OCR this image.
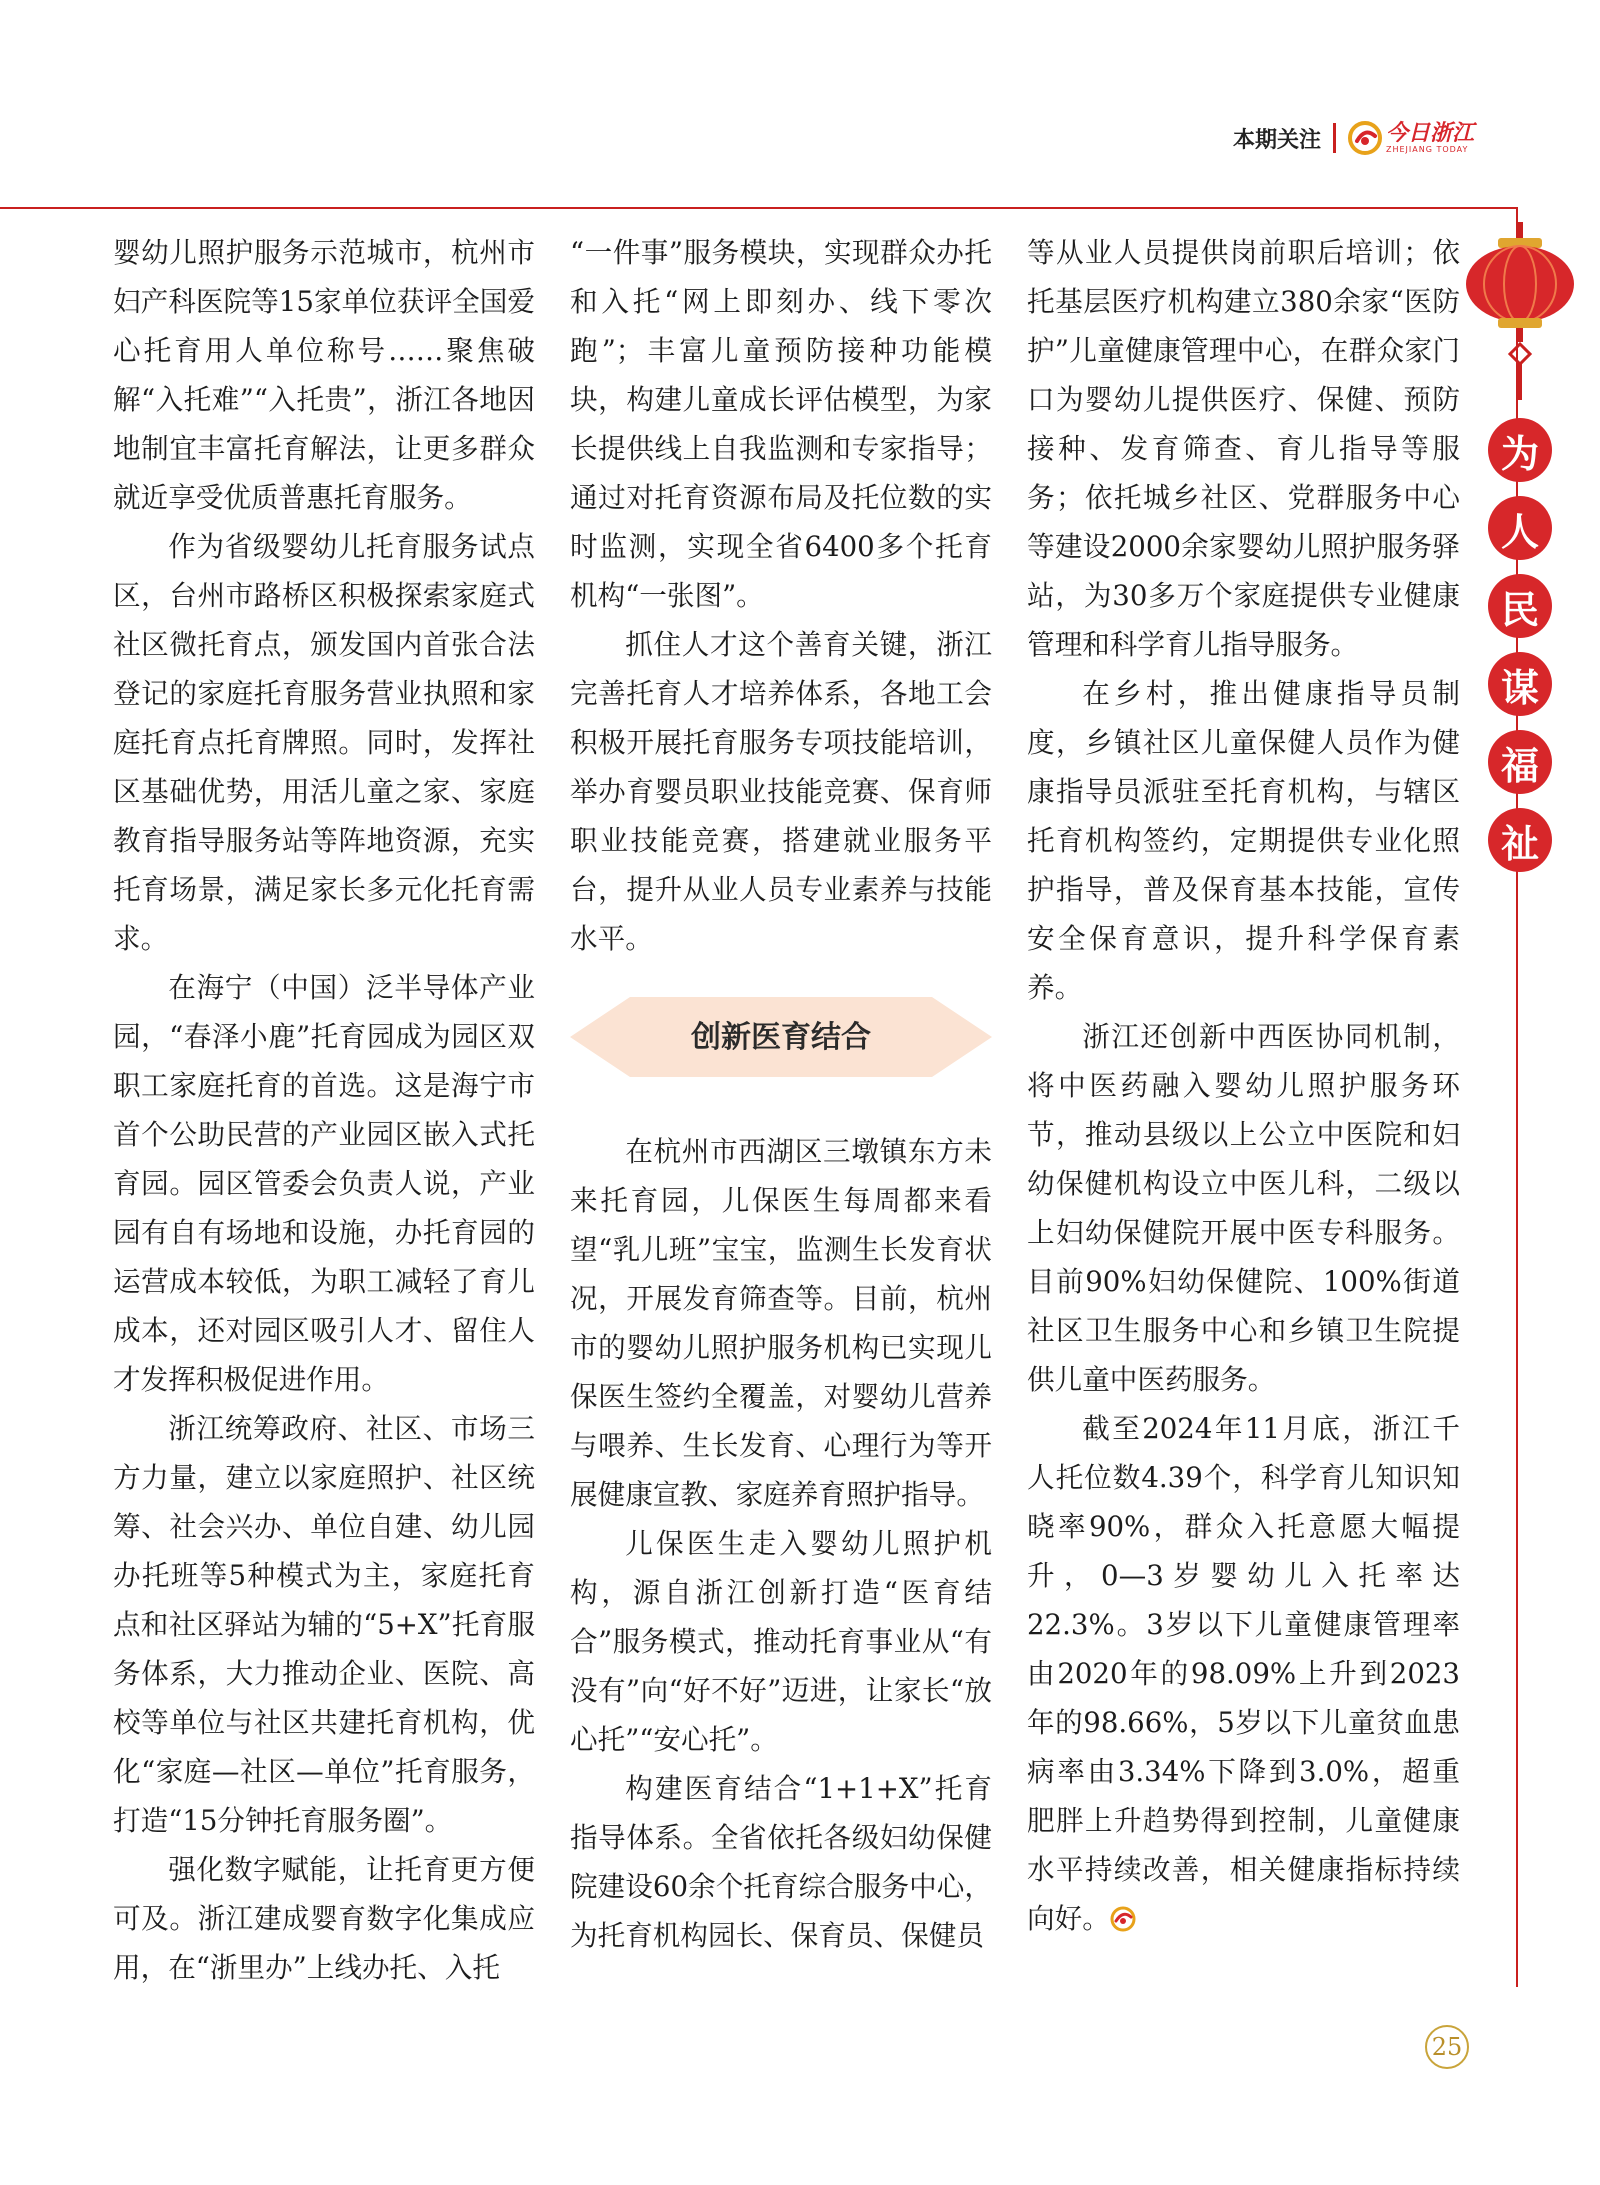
本期关注	今日浙江
ZHEJIANG TODAY
为
人
民
谋
福
祉

婴幼儿照护服务示范城市，杭州市妇产科医院等15家单位获评全国爱心托育用人单位称号……聚焦破解“入托难”“入托贵”，浙江各地因地制宜丰富托育解法，让更多群众就近享受优质普惠托育服务。

作为省级婴幼儿托育服务试点区，台州市路桥区积极探索家庭式社区微托育点，颁发国内首张合法登记的家庭托育服务营业执照和家庭托育点托育牌照。同时，发挥社区基础优势，用活儿童之家、家庭教育指导服务站等阵地资源，充实托育场景，满足家长多元化托育需求。

在海宁（中国）泛半导体产业园，“春泽小鹿”托育园成为园区双职工家庭托育的首选。这是海宁市首个公助民营的产业园区嵌入式托育园。园区管委会负责人说，产业园有自有场地和设施，办托育园的运营成本较低，为职工减轻了育儿成本，还对园区吸引人才、留住人才发挥积极促进作用。

浙江统筹政府、社区、市场三方力量，建立以家庭照护、社区统筹、社会兴办、单位自建、幼儿园办托班等5种模式为主，家庭托育点和社区驿站为辅的“5+X”托育服务体系，大力推动企业、医院、高校等单位与社区共建托育机构，优化“家庭—社区—单位”托育服务，打造“15分钟托育服务圈”。

强化数字赋能，让托育更方便可及。浙江建成婴育数字化集成应用，在“浙里办”上线办托、入托

“一件事”服务模块，实现群众办托和入托“网上即刻办、线下零次跑”；丰富儿童预防接种功能模块，构建儿童成长评估模型，为家长提供线上自我监测和专家指导；通过对托育资源布局及托位数的实时监测，实现全省6400多个托育机构“一张图”。

抓住人才这个善育关键，浙江完善托育人才培养体系，各地工会积极开展托育服务专项技能培训，举办育婴员职业技能竞赛、保育师职业技能竞赛，搭建就业服务平台，提升从业人员专业素养与技能水平。

创新医育结合

在杭州市西湖区三墩镇东方未来托育园，儿保医生每周都来看望“乳儿班”宝宝，监测生长发育状况，开展发育筛查等。目前，杭州市的婴幼儿照护服务机构已实现儿保医生签约全覆盖，对婴幼儿营养与喂养、生长发育、心理行为等开展健康宣教、家庭养育照护指导。

儿保医生走入婴幼儿照护机构，源自浙江创新打造“医育结合”服务模式，推动托育事业从“有没有”向“好不好”迈进，让家长“放心托”“安心托”。

构建医育结合“1+1+X”托育指导体系。全省依托各级妇幼保健院建设60余个托育综合服务中心，为托育机构园长、保育员、保健员

等从业人员提供岗前职后培训；依托基层医疗机构建立380余家“医防护”儿童健康管理中心，在群众家门口为婴幼儿提供医疗、保健、预防接种、发育筛查、育儿指导等服务；依托城乡社区、党群服务中心等建设2000余家婴幼儿照护服务驿站，为30多万个家庭提供专业健康管理和科学育儿指导服务。

在乡村，推出健康指导员制度，乡镇社区儿童保健人员作为健康指导员派驻至托育机构，与辖区托育机构签约，定期提供专业化照护指导，普及保育基本技能，宣传安全保育意识，提升科学保育素养。

浙江还创新中西医协同机制，将中医药融入婴幼儿照护服务环节，推动县级以上公立中医院和妇幼保健机构设立中医儿科，二级以上妇幼保健院开展中医专科服务。目前90%妇幼保健院、100%街道社区卫生服务中心和乡镇卫生院提供儿童中医药服务。

截至2024年11月底，浙江千人托位数4.39个，科学育儿知识知晓率90%，群众入托意愿大幅提升，0—3岁婴幼儿入托率达22.3%。3岁以下儿童健康管理率由2020年的98.09%上升到2023年的98.66%，5岁以下儿童贫血患病率由3.34%下降到3.0%，超重肥胖上升趋势得到控制，儿童健康水平持续改善，相关健康指标持续向好。

25
